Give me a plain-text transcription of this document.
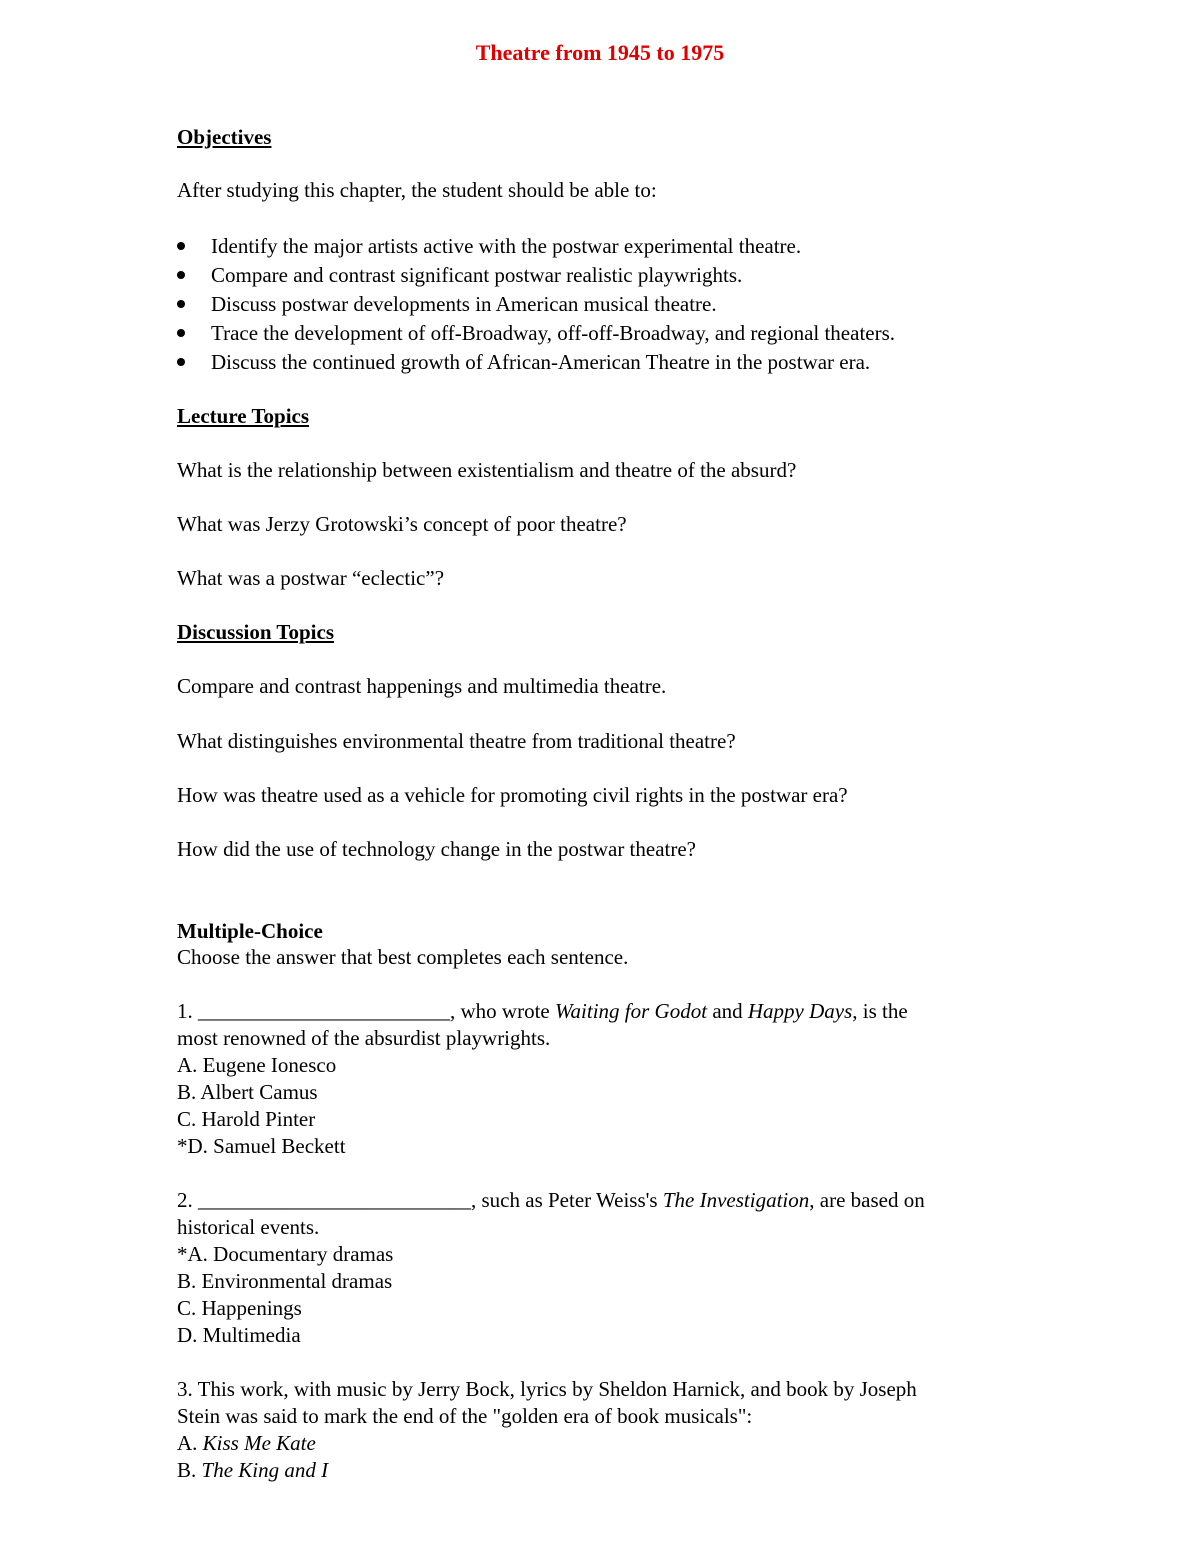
Theatre from 1945 to 1975
Objectives
After studying this chapter, the student should be able to:
Identify the major artists active with the postwar experimental theatre.
Compare and contrast significant postwar realistic playwrights.
Discuss postwar developments in American musical theatre.
Trace the development of off-Broadway, off-off-Broadway, and regional theaters.
Discuss the continued growth of African-American Theatre in the postwar era.
Lecture Topics
What is the relationship between existentialism and theatre of the absurd?
What was Jerzy Grotowski’s concept of poor theatre?
What was a postwar “eclectic”?
Discussion Topics
Compare and contrast happenings and multimedia theatre.
What distinguishes environmental theatre from traditional theatre?
How was theatre used as a vehicle for promoting civil rights in the postwar era?
How did the use of technology change in the postwar theatre?
Multiple-Choice
Choose the answer that best completes each sentence.
1. ________________________, who wrote Waiting for Godot and Happy Days, is the
most renowned of the absurdist playwrights.
A. Eugene Ionesco
B. Albert Camus
C. Harold Pinter
*D. Samuel Beckett
2. __________________________, such as Peter Weiss's The Investigation, are based on
historical events.
*A. Documentary dramas
B. Environmental dramas
C. Happenings
D. Multimedia
3. This work, with music by Jerry Bock, lyrics by Sheldon Harnick, and book by Joseph
Stein was said to mark the end of the "golden era of book musicals":
A. Kiss Me Kate
B. The King and I
